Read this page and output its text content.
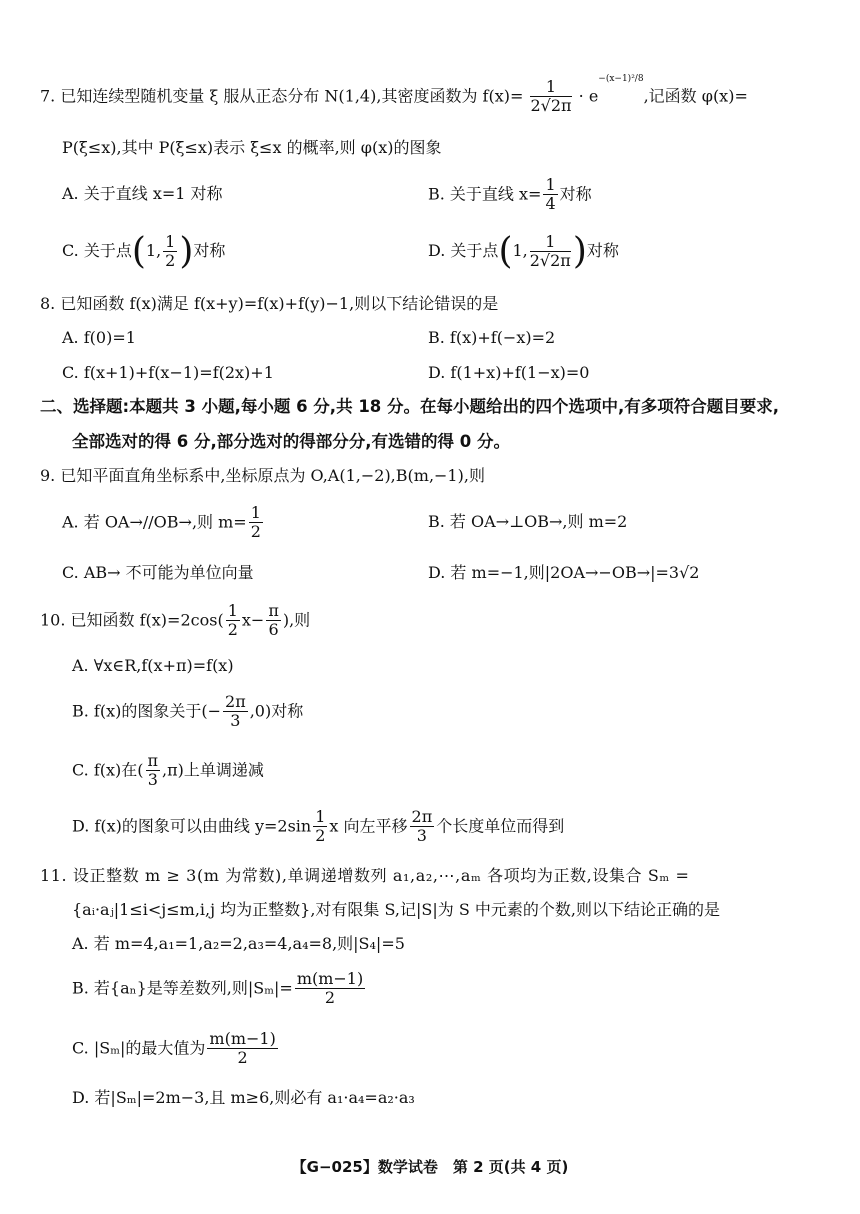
7. 已知连续型随机变量 ξ 服从正态分布 N(1,4),其密度函数为 $f(x)= \frac{1}{2√2\pi} \cdot e^{-(x-1)^2/8}$,记函数 φ(x)=
P(ξ≤x),其中 P(ξ≤x)表示 ξ≤x 的概率,则 φ(x)的图象
A. 关于直线 x=1 对称	B. 关于直线 $x= \frac{1}{4}$ 对称
C. 关于点(1, $\frac{1}{2}$ )对称	D. 关于点(1, $\frac{1}{2√2\pi}$ )对称
8. 已知函数 f(x)满足 f(x+y)=f(x)+f(y)−1,则以下结论错误的是
A. f(0)=1	B. f(x)+f(−x)=2
C. f(x+1)+f(x−1)=f(2x)+1	D. f(1+x)+f(1−x)=0
二、选择题:本题共 3 小题,每小题 6 分,共 18 分。在每小题给出的四个选项中,有多项符合题目要求,
全部选对的得 6 分,部分选对的得部分分,有选错的得 0 分。
9. 已知平面直角坐标系中,坐标原点为 O,A(1,−2),B(m,−1),则
A. 若 OA→//OB→,则 $m= \frac{1}{2}$	B. 若 OA→⊥OB→,则 m=2
C. AB→ 不可能为单位向量	D. 若 m=−1,则|2OA→−OB→|=3√2
10. 已知函数 $f(x)=2\cos( \frac{1}{2} x- \frac{\pi}{6}$ ),则
A. ∀x∈R,f(x+π)=f(x)
B. f(x)的图象关于(− $\frac{2\pi}{3} ,0$)对称
C. f(x)在( $\frac{\pi}{3} ,\pi$)上单调递减
D. f(x)的图象可以由曲线 $y=2\sin \frac{1}{2}$ x 向左平移 $\frac{2\pi}{3}$ 个长度单位而得到
11. 设正整数 m ≥ 3(m 为常数),单调递增数列 a₁,a₂,⋯,aₘ 各项均为正数,设集合 Sₘ =
{aᵢ·aⱼ|1≤i<j≤m,i,j 均为正整数},对有限集 S,记|S|为 S 中元素的个数,则以下结论正确的是
A. 若 m=4,a₁=1,a₂=2,a₃=4,a₄=8,则|S₄|=5
B. 若{aₙ}是等差数列,则$|S_m|= \frac{m(m-1)}{2}$
C. |Sₘ|的最大值为 $\frac{m(m-1)}{2}$
D. 若|Sₘ|=2m−3,且 m≥6,则必有 a₁·a₄=a₂·a₃
【G−025】数学试卷　第 2 页(共 4 页)
